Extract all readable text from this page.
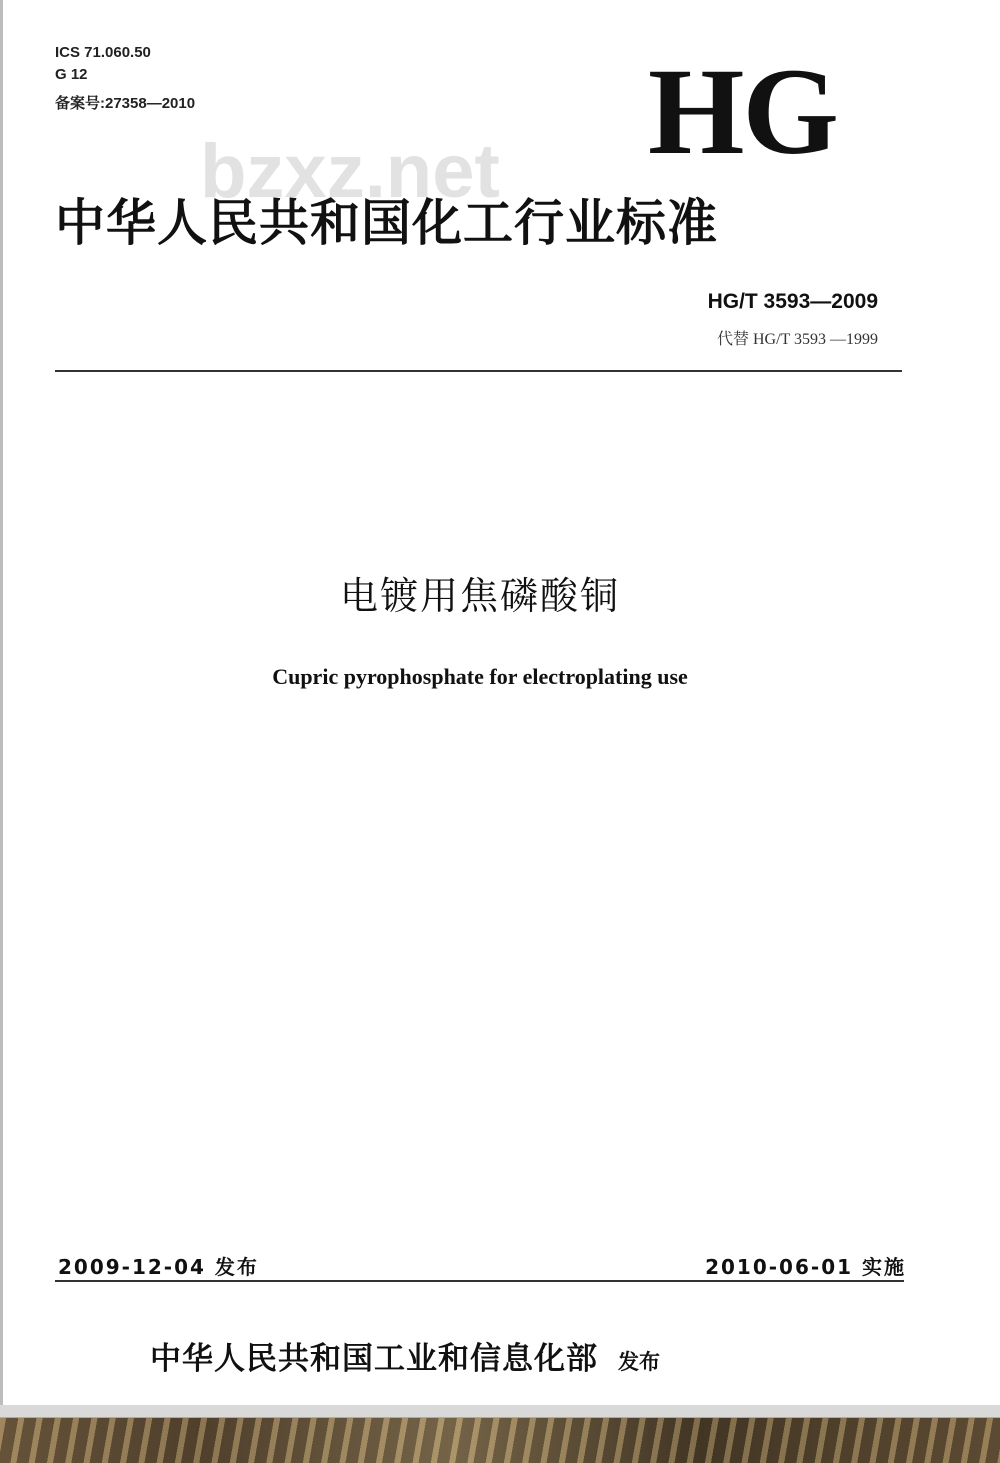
ICS 71.060.50
G 12
备案号:27358—2010	HG
bzxz.net
中华人民共和国化工行业标准
HG/T 3593—2009
代替 HG/T 3593 —1999
电镀用焦磷酸铜
Cupric pyrophosphate for electroplating use
2009-12-04 发布	2010-06-01 实施
中华人民共和国工业和信息化部 发布
